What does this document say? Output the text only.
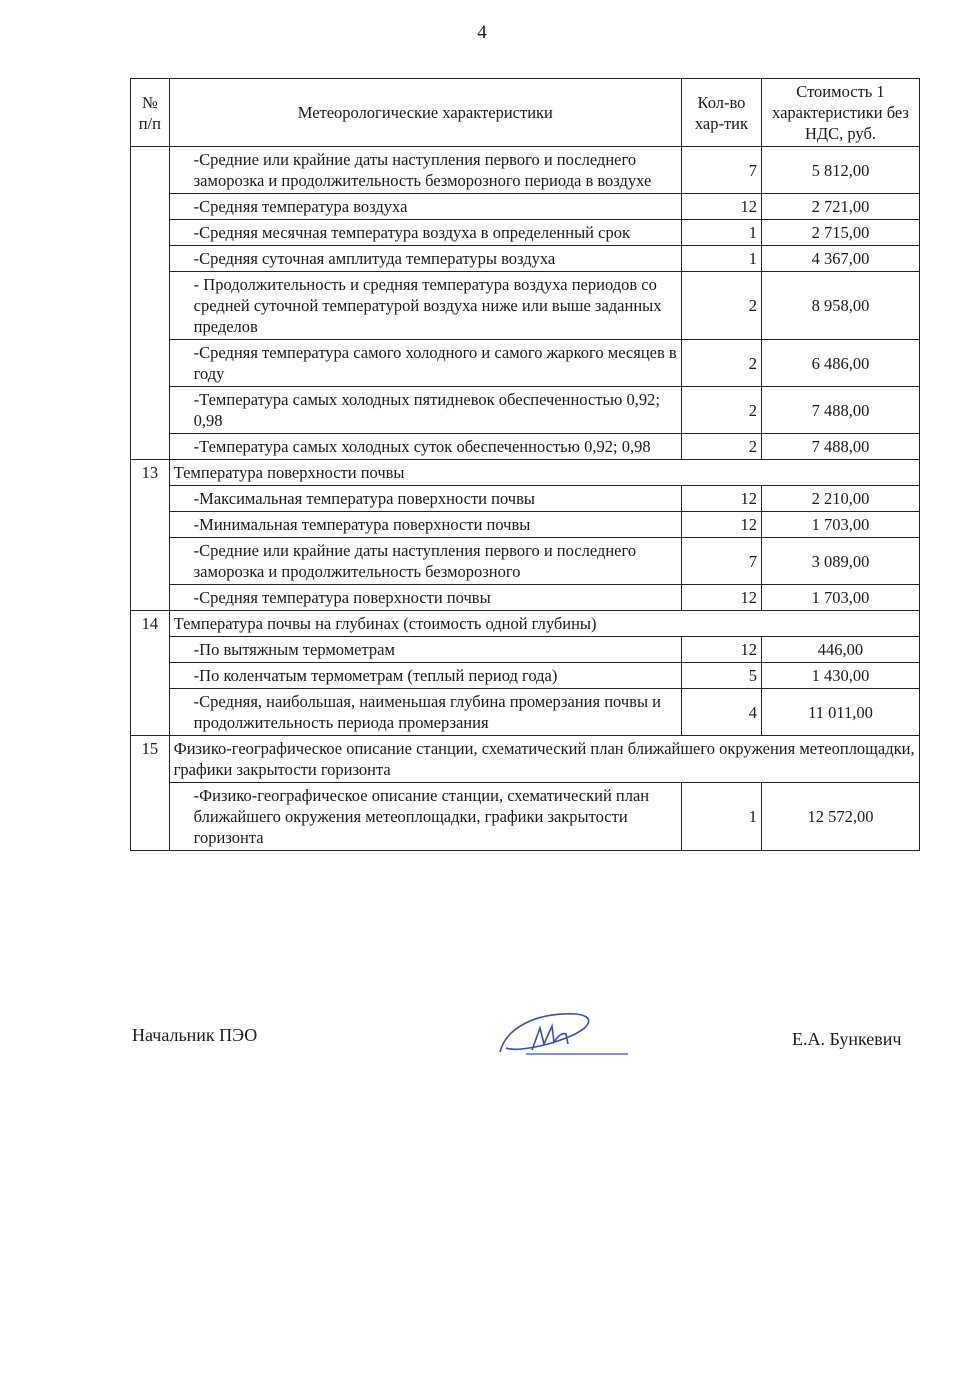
4
№ п/п	Метеорологические характеристики	Кол-во хар-тик	Стоимость 1 характеристики без НДС, руб.
	-Средние или крайние даты наступления первого и последнего заморозка и продолжительность безморозного периода в воздухе	7	5 812,00
	-Средняя температура воздуха	12	2 721,00
	-Средняя месячная температура воздуха в определенный срок	1	2 715,00
	-Средняя суточная амплитуда температуры воздуха	1	4 367,00
	- Продолжительность и средняя температура воздуха периодов со средней суточной температурой воздуха ниже или выше заданных пределов	2	8 958,00
	-Средняя температура самого холодного и самого жаркого месяцев в году	2	6 486,00
	-Температура самых холодных пятидневок обеспеченностью 0,92; 0,98	2	7 488,00
	-Температура самых холодных суток обеспеченностью 0,92; 0,98	2	7 488,00
13	Температура поверхности почвы		
	-Максимальная температура поверхности почвы	12	2 210,00
	-Минимальная температура поверхности почвы	12	1 703,00
	-Средние или крайние даты наступления первого и последнего заморозка и продолжительность безморозного	7	3 089,00
	-Средняя температура поверхности почвы	12	1 703,00
14	Температура почвы на глубинах (стоимость одной глубины)		
	-По вытяжным термометрам	12	446,00
	-По коленчатым термометрам (теплый период года)	5	1 430,00
	-Средняя, наибольшая, наименьшая глубина промерзания почвы и продолжительность периода промерзания	4	11 011,00
15	Физико-географическое описание станции, схематический план ближайшего окружения метеоплощадки, графики закрытости горизонта		
	-Физико-географическое описание станции, схематический план ближайшего окружения метеоплощадки, графики закрытости горизонта	1	12 572,00
Начальник ПЭО	Е.А. Бункевич
